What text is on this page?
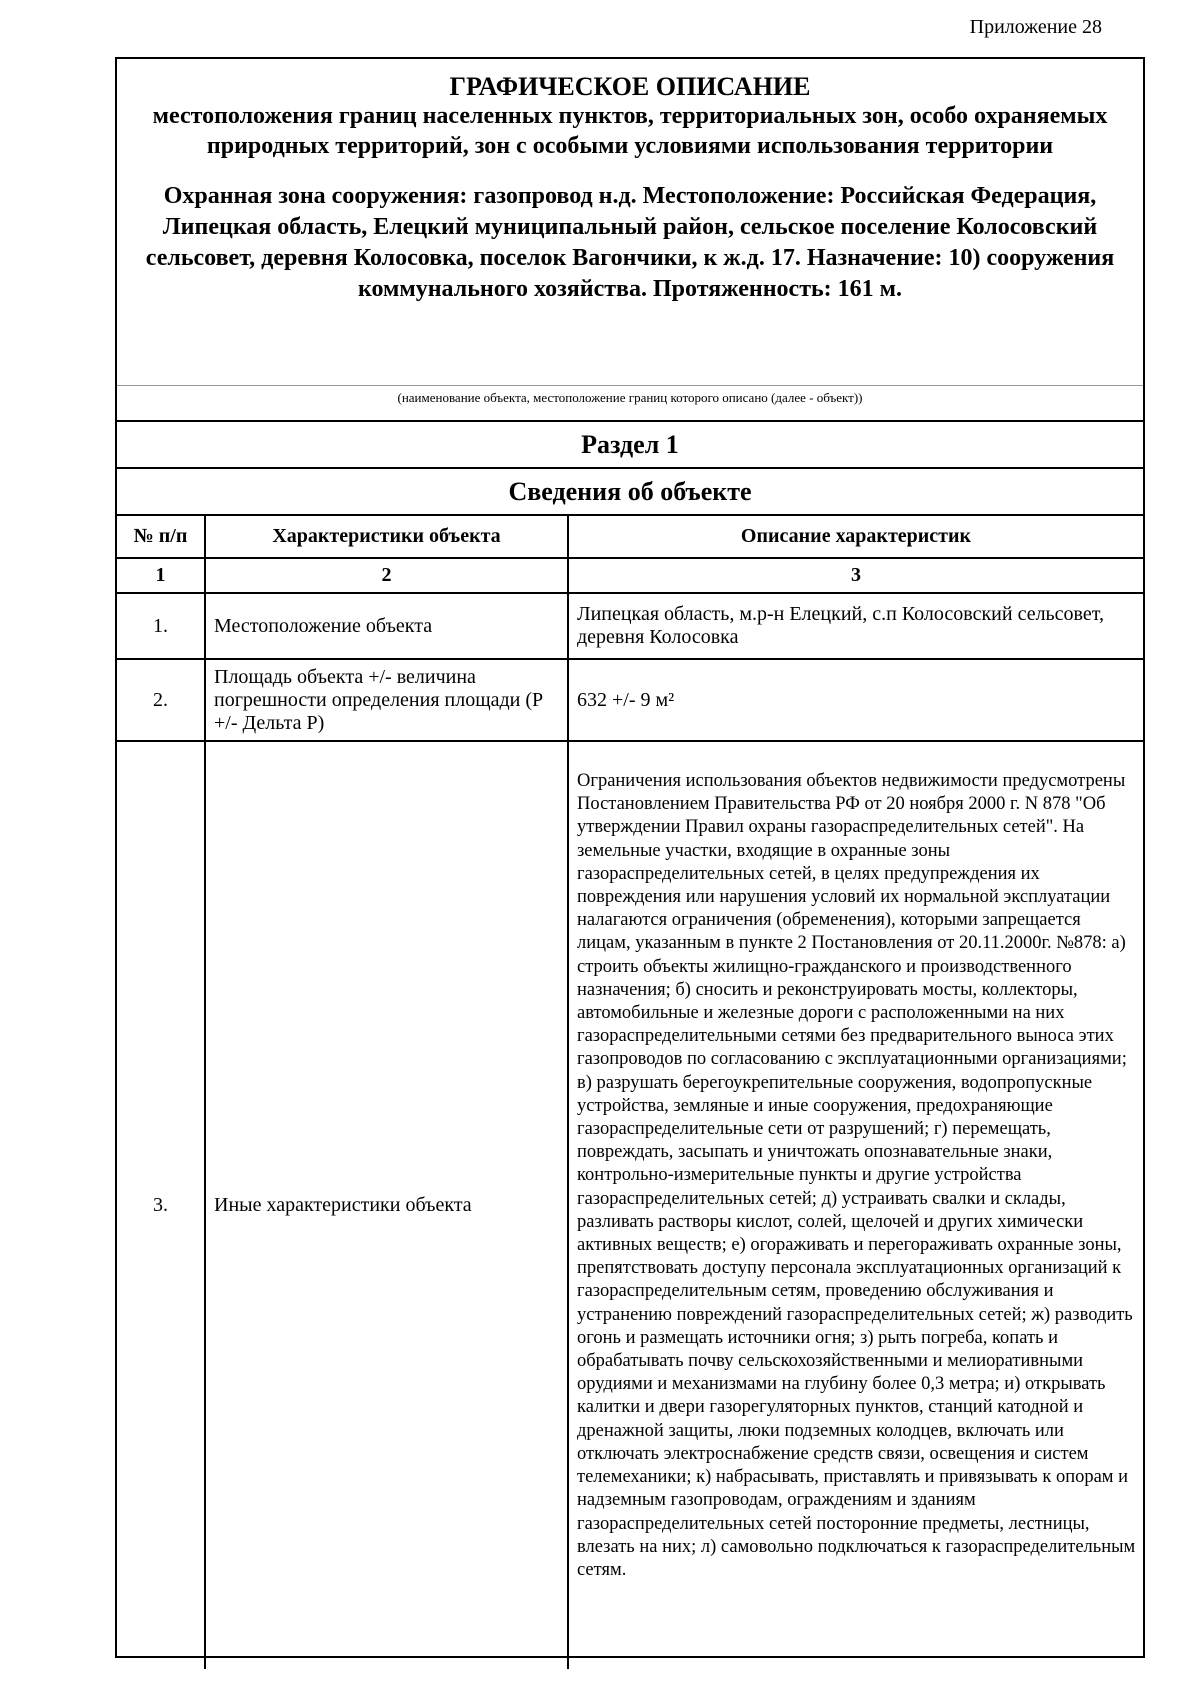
Приложение 28
ГРАФИЧЕСКОЕ ОПИСАНИЕ
местоположения границ населенных пунктов, территориальных зон, особо охраняемых природных территорий, зон с особыми условиями использования территории
Охранная зона сооружения: газопровод н.д. Местоположение: Российская Федерация, Липецкая область, Елецкий муниципальный район, сельское поселение Колосовский сельсовет, деревня Колосовка, поселок Вагончики, к ж.д. 17. Назначение: 10) сооружения коммунального хозяйства. Протяженность: 161 м.
(наименование объекта, местоположение границ которого описано (далее - объект))
Раздел 1
Сведения об объекте
№ п/п	Характеристики объекта	Описание характеристик
1	2	3
1.	Местоположение объекта	Липецкая область, м.р-н Елецкий, с.п Колосовский сельсовет, деревня Колосовка
2.	Площадь объекта +/- величина погрешности определения площади (P +/- Дельта P)	632 +/- 9 м²
3.	Иные характеристики объекта	Ограничения использования объектов недвижимости предусмотрены Постановлением Правительства РФ от 20 ноября 2000 г. N 878 "Об утверждении Правил охраны газораспределительных сетей". На земельные участки, входящие в охранные зоны газораспределительных сетей, в целях предупреждения их повреждения или нарушения условий их нормальной эксплуатации налагаются ограничения (обременения), которыми запрещается лицам, указанным в пункте 2 Постановления от 20.11.2000г. №878: а) строить объекты жилищно-гражданского и производственного назначения; б) сносить и реконструировать мосты, коллекторы, автомобильные и железные дороги с расположенными на них газораспределительными сетями без предварительного выноса этих газопроводов по согласованию с эксплуатационными организациями; в) разрушать берегоукрепительные сооружения, водопропускные устройства, земляные и иные сооружения, предохраняющие газораспределительные сети от разрушений; г) перемещать, повреждать, засыпать и уничтожать опознавательные знаки, контрольно-измерительные пункты и другие устройства газораспределительных сетей; д) устраивать свалки и склады, разливать растворы кислот, солей, щелочей и других химически активных веществ; е) огораживать и перегораживать охранные зоны, препятствовать доступу персонала эксплуатационных организаций к газораспределительным сетям, проведению обслуживания и устранению повреждений газораспределительных сетей; ж) разводить огонь и размещать источники огня; з) рыть погреба, копать и обрабатывать почву сельскохозяйственными и мелиоративными орудиями и механизмами на глубину более 0,3 метра; и) открывать калитки и двери газорегуляторных пунктов, станций катодной и дренажной защиты, люки подземных колодцев, включать или отключать электроснабжение средств связи, освещения и систем телемеханики; к) набрасывать, приставлять и привязывать к опорам и надземным газопроводам, ограждениям и зданиям газораспределительных сетей посторонние предметы, лестницы, влезать на них; л) самовольно подключаться к газораспределительным сетям.
